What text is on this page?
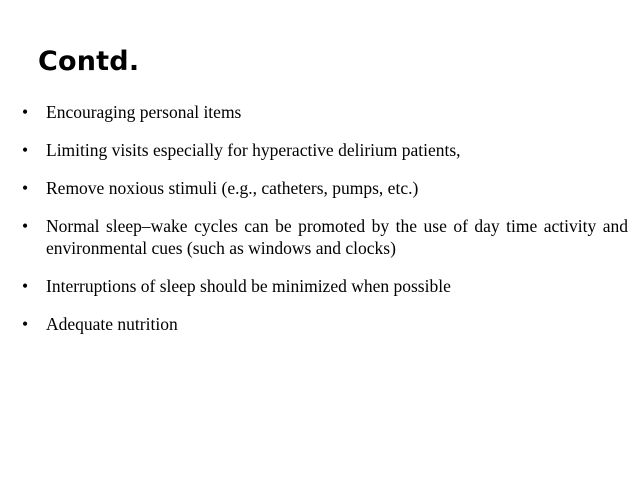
Contd.
• Encouraging personal items
• Limiting visits especially for hyperactive delirium patients,
• Remove noxious stimuli (e.g., catheters, pumps, etc.)
• Normal sleep–wake cycles can be promoted by the use of day time activity and environmental cues (such as windows and clocks)
• Interruptions of sleep should be minimized when possible
• Adequate nutrition
